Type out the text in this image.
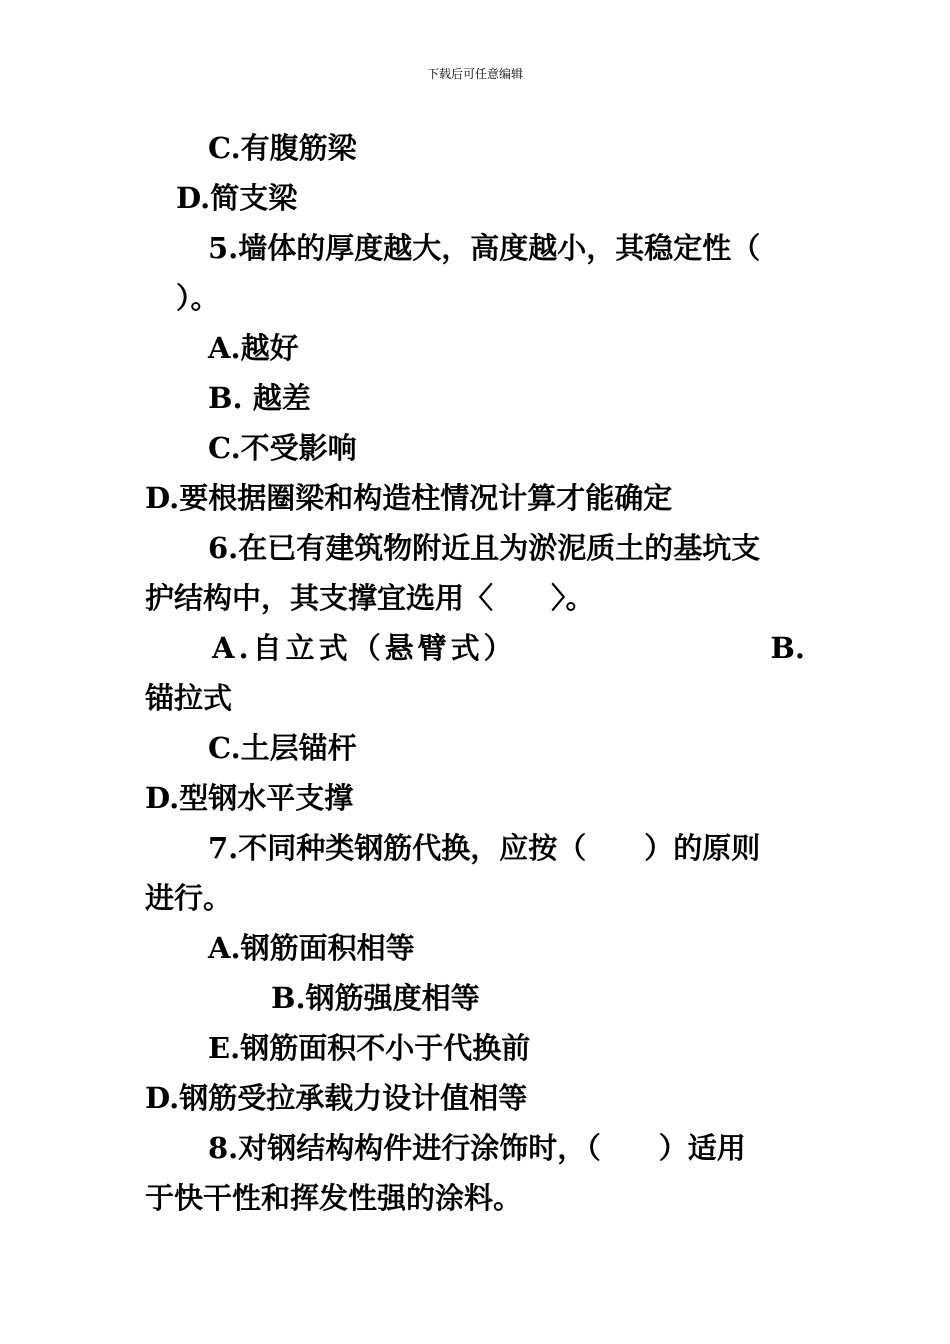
下载后可任意编辑
C.有腹筋梁
D.简支梁
5.墙体的厚度越大，高度越小，其稳定性（
）。
A.越好
B. 越差
C.不受影响
D.要根据圈梁和构造柱情况计算才能确定
6.在已有建筑物附近且为淤泥质土的基坑支
护结构中，其支撑宜选用〈　　〉。
A.自立式（悬臂式）	B.
锚拉式
C.土层锚杆
D.型钢水平支撑
7.不同种类钢筋代换，应按（　　）的原则
进行。
A.钢筋面积相等
B.钢筋强度相等
E.钢筋面积不小于代换前
D.钢筋受拉承载力设计值相等
8.对钢结构构件进行涂饰时，（　　）适用
于快干性和挥发性强的涂料。
